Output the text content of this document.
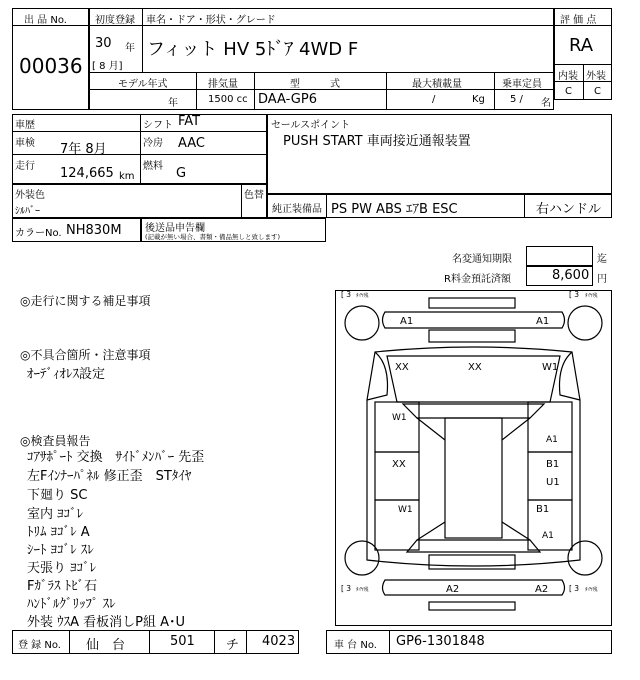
出 品 No.
00036
初度登録
30 年
[ 8 月]
車名・ドア・形状・グレード
フィット HV 5ﾄﾞｱ 4WD F
モデル年式
年
排気量
1500 cc
型　　　式
DAA-GP6
最大積載量
/	Kg
乗車定員
5 / 名
評 価 点
RA
内装 外装
C C
車歴
車検 7年 8月
走行 124,665 km
シフト FAT
冷房 AAC
燃料 G
セールスポイント
PUSH START 車両接近通報装置
外装色
ｼﾙﾊﾞｰ
色替
純正装備品 PS PW ABS ｴｱB ESC	右ハンドル
カラーNo. NH830M 後送品申告欄
(記載が無い場合、書類・備品無しと致します)
名変通知期限	迄
R料金預託済額	8,600 円
◎走行に関する補足事項
◎不具合箇所・注意事項
ｵｰﾃﾞｨｵﾚｽ設定
◎検査員報告
ｺｱｻﾎﾟｰﾄ 交換　ｻｲﾄﾞﾒﾝﾊﾞｰ 先歪
左Fｲﾝﾅｰﾊﾟﾈﾙ 修正歪　STﾀｲﾔ
下廻り SC
室内 ﾖｺﾞﾚ
ﾄﾘﾑ ﾖｺﾞﾚ A
ｼｰﾄ ﾖｺﾞﾚ ｽﾚ
天張り ﾖｺﾞﾚ
Fｶﾞﾗｽ ﾄﾋﾞ石
ﾊﾝﾄﾞﾙｸﾞﾘｯﾌﾟ ｽﾚ
外装 ｳｽA 看板消しP組 A･U
[ 3	[ 3
[ 3	[ 3
ﾀｲﾔ残	ﾀｲﾔ残
ﾀｲﾔ残	ﾀｲﾔ残
A1	A1
XX	XX	W1
W1
A1
XX	B1
U1
W1	B1
A1
A2	A2
登 録 No. 仙　台	501 チ 4023	車 台 No. GP6-1301848
